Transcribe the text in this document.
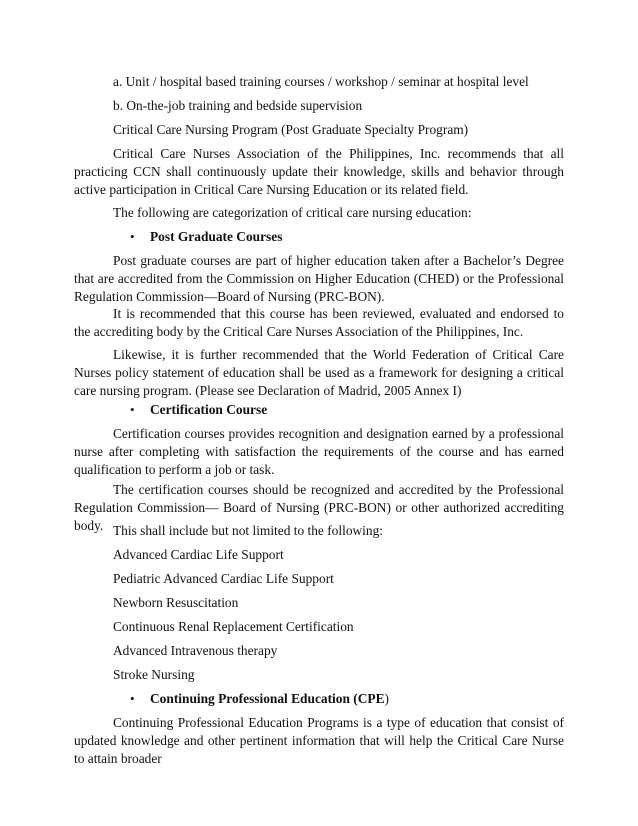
a. Unit / hospital based training courses / workshop / seminar at hospital level
b. On-the-job training and bedside supervision
Critical Care Nursing Program (Post Graduate Specialty Program)
Critical Care Nurses Association of the Philippines, Inc. recommends that all practicing CCN shall continuously update their knowledge, skills and behavior through active participation in Critical Care Nursing Education or its related field.
The following are categorization of critical care nursing education:
•	Post Graduate Courses
Post graduate courses are part of higher education taken after a Bachelor’s Degree that are accredited from the Commission on Higher Education (CHED) or the Professional Regulation Commission—Board of Nursing (PRC-BON).
It is recommended that this course has been reviewed, evaluated and endorsed to the accrediting body by the Critical Care Nurses Association of the Philippines, Inc.
Likewise, it is further recommended that the World Federation of Critical Care Nurses policy statement of education shall be used as a framework for designing a critical care nursing program. (Please see Declaration of Madrid, 2005 Annex I)
•	Certification Course
Certification courses provides recognition and designation earned by a professional nurse after completing with satisfaction the requirements of the course and has earned qualification to perform a job or task.
The certification courses should be recognized and accredited by the Professional Regulation Commission— Board of Nursing (PRC-BON) or other authorized accrediting body. This shall include but not limited to the following:
Advanced Cardiac Life Support
Pediatric Advanced Cardiac Life Support
Newborn Resuscitation
Continuous Renal Replacement Certification
Advanced Intravenous therapy
Stroke Nursing
•	Continuing Professional Education (CPE)
Continuing Professional Education Programs is a type of education that consist of updated knowledge and other pertinent information that will help the Critical Care Nurse to attain broader
